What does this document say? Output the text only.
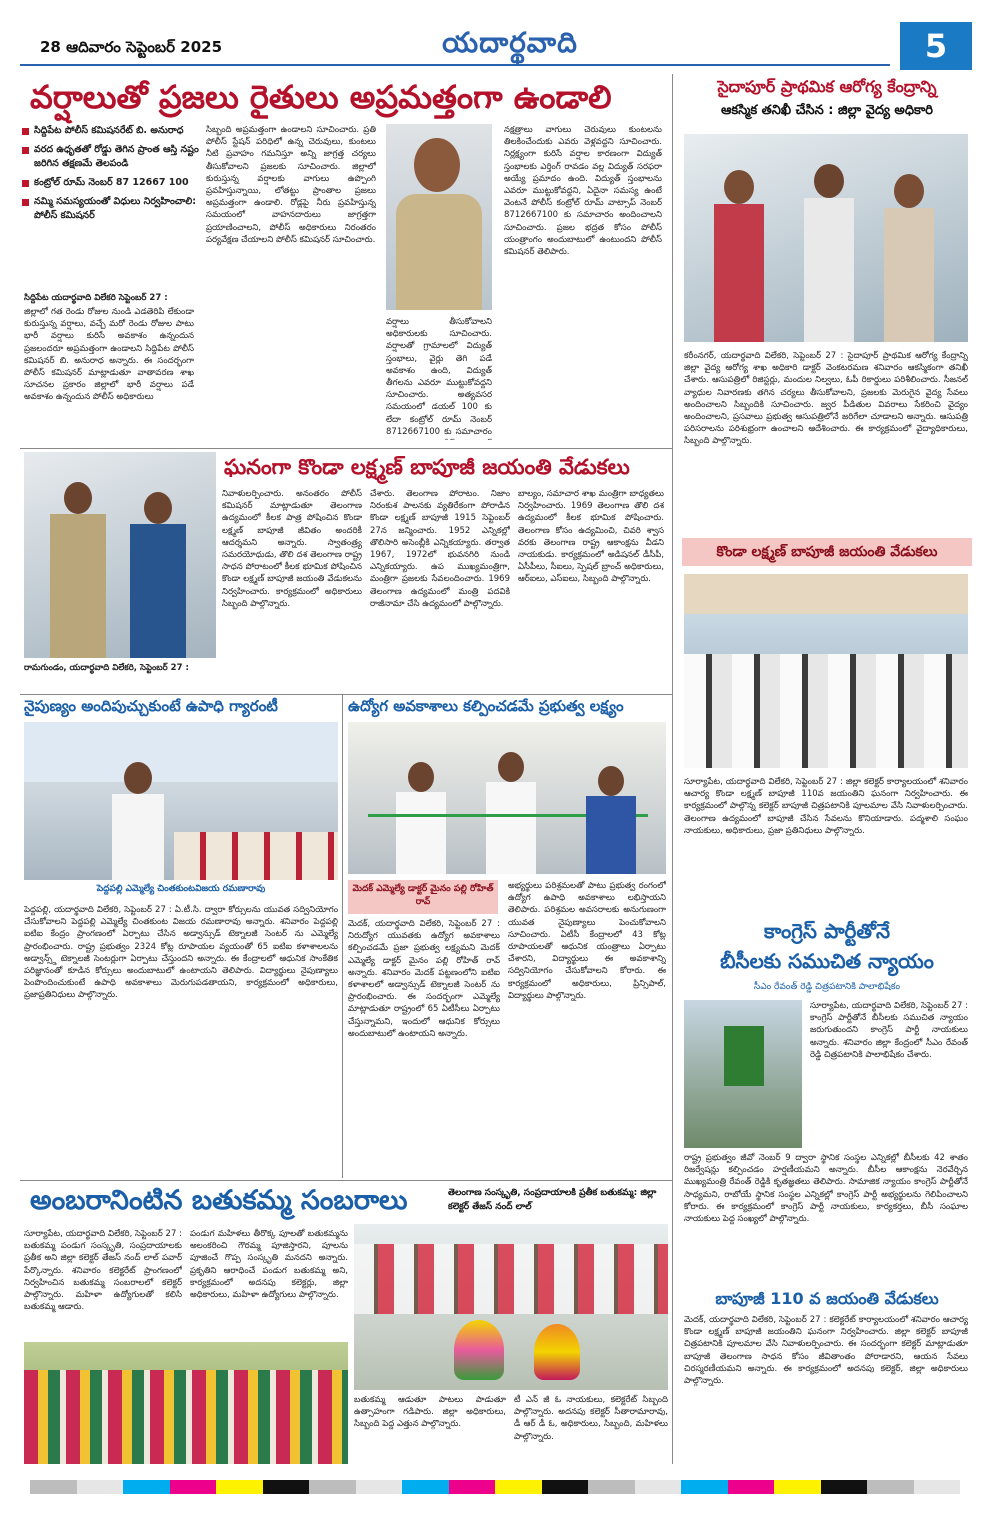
28 ఆదివారం సెప్టెంబర్ 2025	యదార్థవాది	5
వర్షాలుతో ప్రజలు రైతులు అప్రమత్తంగా ఉండాలి
సిద్దిపేట పోలీస్ కమిషనరేట్ బి. అనురాధ
వరద ఉధృతతో రోడ్డు తెగిన ప్రాంత ఆస్తి నష్టం జరిగిన తక్షణమే తెలపండి
కంట్రోల్ రూమ్ నెంబర్ 87 12667 100
నమ్మి సమస్యయంతో విధులు నిర్వహించాలి: పోలీస్ కమిషనర్
సిద్దిపేట యదార్థవాది విలేకరి సెప్టెంబర్ 27 :
జిల్లాలో గత రెండు రోజుల నుండి ఎడతెరిపి లేకుండా కురుస్తున్న వర్షాలు, వచ్చే మరో రెండు రోజుల పాటు భారీ వర్షాలు కురిసే అవకాశం ఉన్నందున ప్రజలందరూ అప్రమత్తంగా ఉండాలని సిద్దిపేట పోలీస్ కమిషనర్ బి. అనురాధ అన్నారు. ఈ సందర్భంగా పోలీస్ కమిషనర్ మాట్లాడుతూ వాతావరణ శాఖ సూచనల ప్రకారం జిల్లాలో భారీ వర్షాలు పడే అవకాశం ఉన్నందున పోలీస్ అధికారులు
సిబ్బంది అప్రమత్తంగా ఉండాలని సూచించారు. ప్రతి పోలీస్ స్టేషన్ పరిధిలో ఉన్న చెరువులు, కుంటలు నీటి ప్రవాహం గమనిస్తూ అన్ని జాగ్రత్త చర్యలు తీసుకోవాలని ప్రజలకు సూచించారు. జిల్లాలో కురుస్తున్న వర్షాలకు వాగులు ఉప్పొంగి ప్రవహిస్తున్నాయి, లోతట్టు ప్రాంతాల ప్రజలు అప్రమత్తంగా ఉండాలి. రోడ్లపై నీరు ప్రవహిస్తున్న సమయంలో వాహనదారులు జాగ్రత్తగా ప్రయాణించాలని, పోలీస్ అధికారులు నిరంతరం పర్యవేక్షణ చేయాలని పోలీస్ కమిషనర్ సూచించారు.
వర్షాలు తీసుకోవాలని అధికారులకు సూచించారు. వర్షాలతో గ్రామాలలో విద్యుత్ స్తంభాలు, వైర్లు తెగి పడే అవకాశం ఉంది, విద్యుత్ తీగలను ఎవరూ ముట్టుకోవద్దని సూచించారు. అత్యవసర సమయంలో డయల్ 100 కు లేదా కంట్రోల్ రూమ్ నెంబర్ 8712667100 కు సమాచారం
నక్షత్రాలు వాగులు చెరువులు కుంటలను తిలకించేందుకు ఎవరు వెళ్లవద్దని సూచించారు. నిర్లక్ష్యంగా కురిసే వర్షాల కారణంగా విద్యుత్ స్తంభాలకు ఎర్తింగ్ రావడం వల్ల విద్యుత్ సరఫరా అయ్యే ప్రమాదం ఉంది. విద్యుత్ స్తంభాలను ఎవరూ ముట్టుకోవద్దని, ఏదైనా సమస్య ఉంటే వెంటనే పోలీస్ కంట్రోల్ రూమ్ వాట్సాప్ నెంబర్ 8712667100 కు సమాచారం అందించాలని సూచించారు. ప్రజల భద్రత కోసం పోలీస్ యంత్రాంగం అందుబాటులో ఉంటుందని పోలీస్ కమిషనర్ తెలిపారు.
సైదాపూర్ ప్రాథమిక ఆరోగ్య కేంద్రాన్ని
ఆకస్మిక తనిఖీ చేసిన : జిల్లా వైద్య అధికారి
కరీంనగర్, యదార్థవాది విలేకరి, సెప్టెంబర్ 27 : సైదాపూర్ ప్రాథమిక ఆరోగ్య కేంద్రాన్ని జిల్లా వైద్య ఆరోగ్య శాఖ అధికారి డాక్టర్ వెంకటరమణ శనివారం ఆకస్మికంగా తనిఖీ చేశారు. ఆసుపత్రిలో రిజిస్టర్లు, మందుల నిల్వలు, ఓపీ రికార్డులు పరిశీలించారు. సీజనల్ వ్యాధుల నివారణకు తగిన చర్యలు తీసుకోవాలని, ప్రజలకు మెరుగైన వైద్య సేవలు అందించాలని సిబ్బందికి సూచించారు. జ్వర పీడితుల వివరాలు సేకరించి వైద్యం అందించాలని, ప్రసవాలు ప్రభుత్వ ఆసుపత్రిలోనే జరిగేలా చూడాలని అన్నారు. ఆసుపత్రి పరిసరాలను పరిశుభ్రంగా ఉంచాలని ఆదేశించారు. ఈ కార్యక్రమంలో వైద్యాధికారులు, సిబ్బంది పాల్గొన్నారు.
కొండా లక్ష్మణ్ బాపూజీ జయంతి వేడుకలు
సూర్యాపేట, యదార్థవాది విలేకరి, సెప్టెంబర్ 27 : జిల్లా కలెక్టర్ కార్యాలయంలో శనివారం ఆచార్య కొండా లక్ష్మణ్ బాపూజీ 110వ జయంతిని ఘనంగా నిర్వహించారు. ఈ కార్యక్రమంలో పాల్గొన్న కలెక్టర్ బాపూజీ చిత్రపటానికి పూలమాల వేసి నివాళులర్పించారు. తెలంగాణ ఉద్యమంలో బాపూజీ చేసిన సేవలను కొనియాడారు. పద్మశాలి సంఘం నాయకులు, అధికారులు, ప్రజా ప్రతినిధులు పాల్గొన్నారు.
కాంగ్రెస్ పార్టీతోనే
బీసీలకు సముచిత న్యాయం
సీఎం రేవంత్ రెడ్డి చిత్రపటానికి పాలాభిషేకం
సూర్యాపేట, యదార్థవాది విలేకరి, సెప్టెంబర్ 27 : కాంగ్రెస్ పార్టీతోనే బీసీలకు సముచిత న్యాయం జరుగుతుందని కాంగ్రెస్ పార్టీ నాయకులు అన్నారు. శనివారం జిల్లా కేంద్రంలో సీఎం రేవంత్ రెడ్డి చిత్రపటానికి పాలాభిషేకం చేశారు.
రాష్ట్ర ప్రభుత్వం జీవో నెంబర్ 9 ద్వారా స్థానిక సంస్థల ఎన్నికల్లో బీసీలకు 42 శాతం రిజర్వేషన్లు కల్పించడం హర్షణీయమని అన్నారు. బీసీల ఆకాంక్షను నెరవేర్చిన ముఖ్యమంత్రి రేవంత్ రెడ్డికి కృతజ్ఞతలు తెలిపారు. సామాజిక న్యాయం కాంగ్రెస్ పార్టీతోనే సాధ్యమని, రాబోయే స్థానిక సంస్థల ఎన్నికల్లో కాంగ్రెస్ పార్టీ అభ్యర్థులను గెలిపించాలని కోరారు. ఈ కార్యక్రమంలో కాంగ్రెస్ పార్టీ నాయకులు, కార్యకర్తలు, బీసీ సంఘాల నాయకులు పెద్ద సంఖ్యలో పాల్గొన్నారు.
బాపూజీ 110 వ జయంతి వేడుకలు
మెదక్, యదార్థవాది విలేకరి, సెప్టెంబర్ 27 : కలెక్టరేట్ కార్యాలయంలో శనివారం ఆచార్య కొండా లక్ష్మణ్ బాపూజీ జయంతిని ఘనంగా నిర్వహించారు. జిల్లా కలెక్టర్ బాపూజీ చిత్రపటానికి పూలమాల వేసి నివాళులర్పించారు. ఈ సందర్భంగా కలెక్టర్ మాట్లాడుతూ బాపూజీ తెలంగాణ సాధన కోసం జీవితాంతం పోరాడారని, ఆయన సేవలు చిరస్మరణీయమని అన్నారు. ఈ కార్యక్రమంలో అదనపు కలెక్టర్, జిల్లా అధికారులు పాల్గొన్నారు.
ఘనంగా కొండా లక్ష్మణ్ బాపూజీ జయంతి వేడుకలు
రామగుండం, యదార్థవాది విలేకరి, సెప్టెంబర్ 27 :
నివాళులర్పించారు. అనంతరం పోలీస్ కమిషనర్ మాట్లాడుతూ తెలంగాణ ఉద్యమంలో కీలక పాత్ర పోషించిన కొండా లక్ష్మణ్ బాపూజీ జీవితం అందరికీ ఆదర్శమని అన్నారు. స్వాతంత్ర్య సమరయోధుడు, తొలి దశ తెలంగాణ రాష్ట్ర సాధన పోరాటంలో కీలక భూమిక పోషించిన కొండా లక్ష్మణ్ బాపూజీ జయంతి వేడుకలను నిర్వహించారు. కార్యక్రమంలో అధికారులు సిబ్బంది పాల్గొన్నారు.
చేశారు. తెలంగాణ పోరాటం. నిజాం నిరంకుశ పాలనకు వ్యతిరేకంగా పోరాడిన కొండా లక్ష్మణ్ బాపూజీ 1915 సెప్టెంబర్ 27న జన్మించారు. 1952 ఎన్నికల్లో తొలిసారి అసెంబ్లీకి ఎన్నికయ్యారు. తర్వాత 1967, 1972లో భువనగిరి నుండి ఎన్నికయ్యారు. ఉప ముఖ్యమంత్రిగా, మంత్రిగా ప్రజలకు సేవలందించారు. 1969 తెలంగాణ ఉద్యమంలో మంత్రి పదవికి రాజీనామా చేసి ఉద్యమంలో పాల్గొన్నారు.
బాల్యం, సమాచార శాఖ మంత్రిగా బాధ్యతలు నిర్వహించారు. 1969 తెలంగాణ తొలి దశ ఉద్యమంలో కీలక భూమిక పోషించారు. తెలంగాణ కోసం ఉద్యమించి, చివరి శ్వాస వరకు తెలంగాణ రాష్ట్ర ఆకాంక్షను వీడని నాయకుడు. కార్యక్రమంలో అడిషనల్ డీసీపీ, ఏసీపీలు, సీఐలు, స్పెషల్ బ్రాంచ్ అధికారులు, ఆర్ఐలు, ఎస్ఐలు, సిబ్బంది పాల్గొన్నారు.
నైపుణ్యం అందిపుచ్చుకుంటే ఉపాధి గ్యారంటీ
పెద్దపల్లి ఎమ్మెల్యే చింతకుంటవిజయ రమణారావు
పెద్దపల్లి, యదార్థవాది విలేకరి, సెప్టెంబర్ 27 : ఏ.టీ.సి. ద్వారా కోర్సులను యువత సద్వినియోగం చేసుకోవాలని పెద్దపల్లి ఎమ్మెల్యే చింతకుంట విజయ రమణారావు అన్నారు. శనివారం పెద్దపల్లి ఐటిఐ కేంద్రం ప్రాంగణంలో ఏర్పాటు చేసిన అడ్వాన్సుడ్ టెక్నాలజీ సెంటర్ ను ఎమ్మెల్యే ప్రారంభించారు. రాష్ట్ర ప్రభుత్వం 2324 కోట్ల రూపాయల వ్యయంతో 65 ఐటిఐ కళాశాలలను అడ్వాన్స్డ్ టెక్నాలజీ సెంటర్లుగా ఏర్పాటు చేస్తుందని అన్నారు. ఈ కేంద్రాలలో ఆధునిక సాంకేతిక పరిజ్ఞానంతో కూడిన కోర్సులు అందుబాటులో ఉంటాయని తెలిపారు. విద్యార్థులు నైపుణ్యాలు పెంపొందించుకుంటే ఉపాధి అవకాశాలు మెరుగుపడతాయని, కార్యక్రమంలో అధికారులు, ప్రజాప్రతినిధులు పాల్గొన్నారు.
ఉద్యోగ అవకాశాలు కల్పించడమే ప్రభుత్వ లక్ష్యం
మెదక్ ఎమ్మెల్యే డాక్టర్ మైనం పల్లి రోహిత్ రావ్
మెదక్, యదార్థవాది విలేకరి, సెప్టెంబర్ 27 : నిరుద్యోగ యువతకు ఉద్యోగ అవకాశాలు కల్పించడమే ప్రజా ప్రభుత్వ లక్ష్యమని మెదక్ ఎమ్మెల్యే డాక్టర్ మైనం పల్లి రోహిత్ రావ్ అన్నారు. శనివారం మెదక్ పట్టణంలోని ఐటిఐ కళాశాలలో అడ్వాన్సుడ్ టెక్నాలజీ సెంటర్ ను ప్రారంభించారు. ఈ సందర్భంగా ఎమ్మెల్యే మాట్లాడుతూ రాష్ట్రంలో 65 ఏటీసీలు ఏర్పాటు చేస్తున్నామని, ఇందులో ఆధునిక కోర్సులు అందుబాటులో ఉంటాయని అన్నారు.
అభ్యర్థులు పరిశ్రమలతో పాటు ప్రభుత్వ రంగంలో ఉద్యోగ ఉపాధి అవకాశాలు లభిస్తాయని తెలిపారు. పరిశ్రమల అవసరాలకు అనుగుణంగా యువత నైపుణ్యాలు పెంచుకోవాలని సూచించారు. ఏటీసీ కేంద్రాలలో 43 కోట్ల రూపాయలతో ఆధునిక యంత్రాలు ఏర్పాటు చేశారని, విద్యార్థులు ఈ అవకాశాన్ని సద్వినియోగం చేసుకోవాలని కోరారు. ఈ కార్యక్రమంలో అధికారులు, ప్రిన్సిపాల్, విద్యార్థులు పాల్గొన్నారు.
అంబరానింటిన బతుకమ్మ సంబరాలు	తెలంగాణ సంస్కృతి, సంప్రదాయాలకి ప్రతీక బతుకమ్మ: జిల్లా కలెక్టర్ తేజస్ నంద్ లాల్
సూర్యాపేట, యదార్థవాది విలేకరి, సెప్టెంబర్ 27 : బతుకమ్మ పండుగ సంస్కృతి, సంప్రదాయాలకు ప్రతీక అని జిల్లా కలెక్టర్ తేజస్ నంద్ లాల్ పవార్ పేర్కొన్నారు. శనివారం కలెక్టరేట్ ప్రాంగణంలో నిర్వహించిన బతుకమ్మ సంబరాలలో కలెక్టర్ పాల్గొన్నారు. మహిళా ఉద్యోగులతో కలిసి బతుకమ్మ ఆడారు.
పండుగ మహిళలు తీరొక్క పూలతో బతుకమ్మను అలంకరించి గౌరమ్మ పూజిస్తారని, పూలను పూజించే గొప్ప సంస్కృతి మనదని అన్నారు. ప్రకృతిని ఆరాధించే పండుగ బతుకమ్మ అని, కార్యక్రమంలో అదనపు కలెక్టర్లు, జిల్లా అధికారులు, మహిళా ఉద్యోగులు పాల్గొన్నారు.
బతుకమ్మ ఆడుతూ పాటలు పాడుతూ ఉత్సాహంగా గడిపారు. జిల్లా అధికారులు, సిబ్బంది పెద్ద ఎత్తున పాల్గొన్నారు.
టీ ఎన్ జీ ఓ నాయకులు, కలెక్టరేట్ సిబ్బంది పాల్గొన్నారు. అదనపు కలెక్టర్ సీతారామారావు, డీ ఆర్ డీ ఓ, అధికారులు, సిబ్బంది, మహిళలు పాల్గొన్నారు.
